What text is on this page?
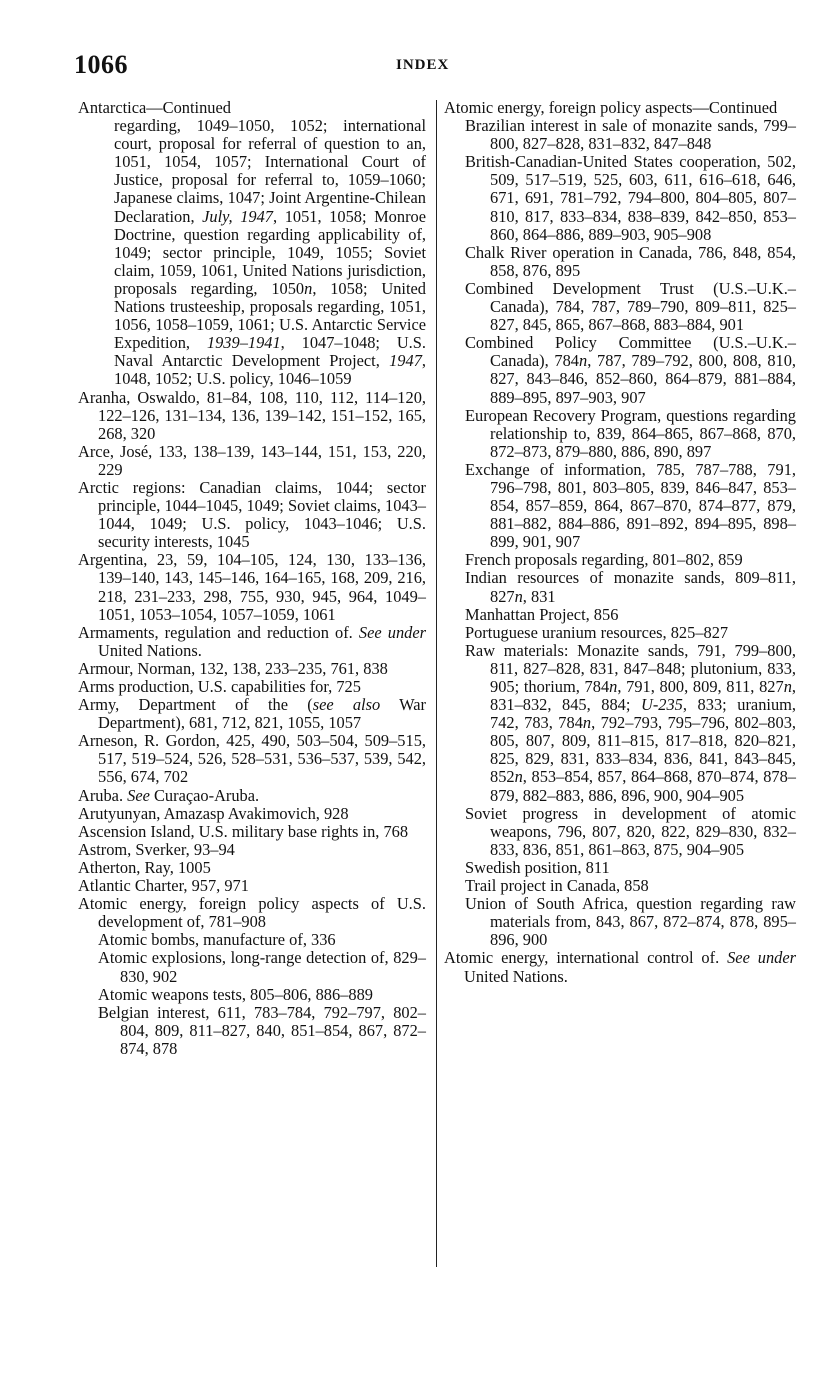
1066	INDEX

Antarctica—Continued

regarding, 1049–1050, 1052; international court, proposal for referral of question to an, 1051, 1054, 1057; International Court of Justice, proposal for referral to, 1059–1060; Japanese claims, 1047; Joint Argentine-Chilean Declaration, July, 1947, 1051, 1058; Monroe Doctrine, question regarding applicability of, 1049; sector principle, 1049, 1055; Soviet claim, 1059, 1061, United Nations jurisdiction, proposals regarding, 1050n, 1058; United Nations trusteeship, proposals regarding, 1051, 1056, 1058–1059, 1061; U.S. Antarctic Service Expedition, 1939–1941, 1047–1048; U.S. Naval Antarctic Development Project, 1947, 1048, 1052; U.S. policy, 1046–1059

Aranha, Oswaldo, 81–84, 108, 110, 112, 114–120, 122–126, 131–134, 136, 139–142, 151–152, 165, 268, 320

Arce, José, 133, 138–139, 143–144, 151, 153, 220, 229

Arctic regions: Canadian claims, 1044; sector principle, 1044–1045, 1049; Soviet claims, 1043–1044, 1049; U.S. policy, 1043–1046; U.S. security interests, 1045

Argentina, 23, 59, 104–105, 124, 130, 133–136, 139–140, 143, 145–146, 164–165, 168, 209, 216, 218, 231–233, 298, 755, 930, 945, 964, 1049–1051, 1053–1054, 1057–1059, 1061

Armaments, regulation and reduction of. See under United Nations.

Armour, Norman, 132, 138, 233–235, 761, 838

Arms production, U.S. capabilities for, 725

Army, Department of the (see also War Department), 681, 712, 821, 1055, 1057

Arneson, R. Gordon, 425, 490, 503–504, 509–515, 517, 519–524, 526, 528–531, 536–537, 539, 542, 556, 674, 702

Aruba. See Curaçao-Aruba.

Arutyunyan, Amazasp Avakimovich, 928

Ascension Island, U.S. military base rights in, 768

Astrom, Sverker, 93–94

Atherton, Ray, 1005

Atlantic Charter, 957, 971

Atomic energy, foreign policy aspects of U.S. development of, 781–908

Atomic bombs, manufacture of, 336

Atomic explosions, long-range detection of, 829–830, 902

Atomic weapons tests, 805–806, 886–889

Belgian interest, 611, 783–784, 792–797, 802–804, 809, 811–827, 840, 851–854, 867, 872–874, 878

Atomic energy, foreign policy aspects—Continued

Brazilian interest in sale of monazite sands, 799–800, 827–828, 831–832, 847–848

British-Canadian-United States cooperation, 502, 509, 517–519, 525, 603, 611, 616–618, 646, 671, 691, 781–792, 794–800, 804–805, 807–810, 817, 833–834, 838–839, 842–850, 853–860, 864–886, 889–903, 905–908

Chalk River operation in Canada, 786, 848, 854, 858, 876, 895

Combined Development Trust (U.S.–U.K.–Canada), 784, 787, 789–790, 809–811, 825–827, 845, 865, 867–868, 883–884, 901

Combined Policy Committee (U.S.–U.K.–Canada), 784n, 787, 789–792, 800, 808, 810, 827, 843–846, 852–860, 864–879, 881–884, 889–895, 897–903, 907

European Recovery Program, questions regarding relationship to, 839, 864–865, 867–868, 870, 872–873, 879–880, 886, 890, 897

Exchange of information, 785, 787–788, 791, 796–798, 801, 803–805, 839, 846–847, 853–854, 857–859, 864, 867–870, 874–877, 879, 881–882, 884–886, 891–892, 894–895, 898–899, 901, 907

French proposals regarding, 801–802, 859

Indian resources of monazite sands, 809–811, 827n, 831

Manhattan Project, 856

Portuguese uranium resources, 825–827

Raw materials: Monazite sands, 791, 799–800, 811, 827–828, 831, 847–848; plutonium, 833, 905; thorium, 784n, 791, 800, 809, 811, 827n, 831–832, 845, 884; U-235, 833; uranium, 742, 783, 784n, 792–793, 795–796, 802–803, 805, 807, 809, 811–815, 817–818, 820–821, 825, 829, 831, 833–834, 836, 841, 843–845, 852n, 853–854, 857, 864–868, 870–874, 878–879, 882–883, 886, 896, 900, 904–905

Soviet progress in development of atomic weapons, 796, 807, 820, 822, 829–830, 832–833, 836, 851, 861–863, 875, 904–905

Swedish position, 811

Trail project in Canada, 858

Union of South Africa, question regarding raw materials from, 843, 867, 872–874, 878, 895–896, 900

Atomic energy, international control of. See under United Nations.
